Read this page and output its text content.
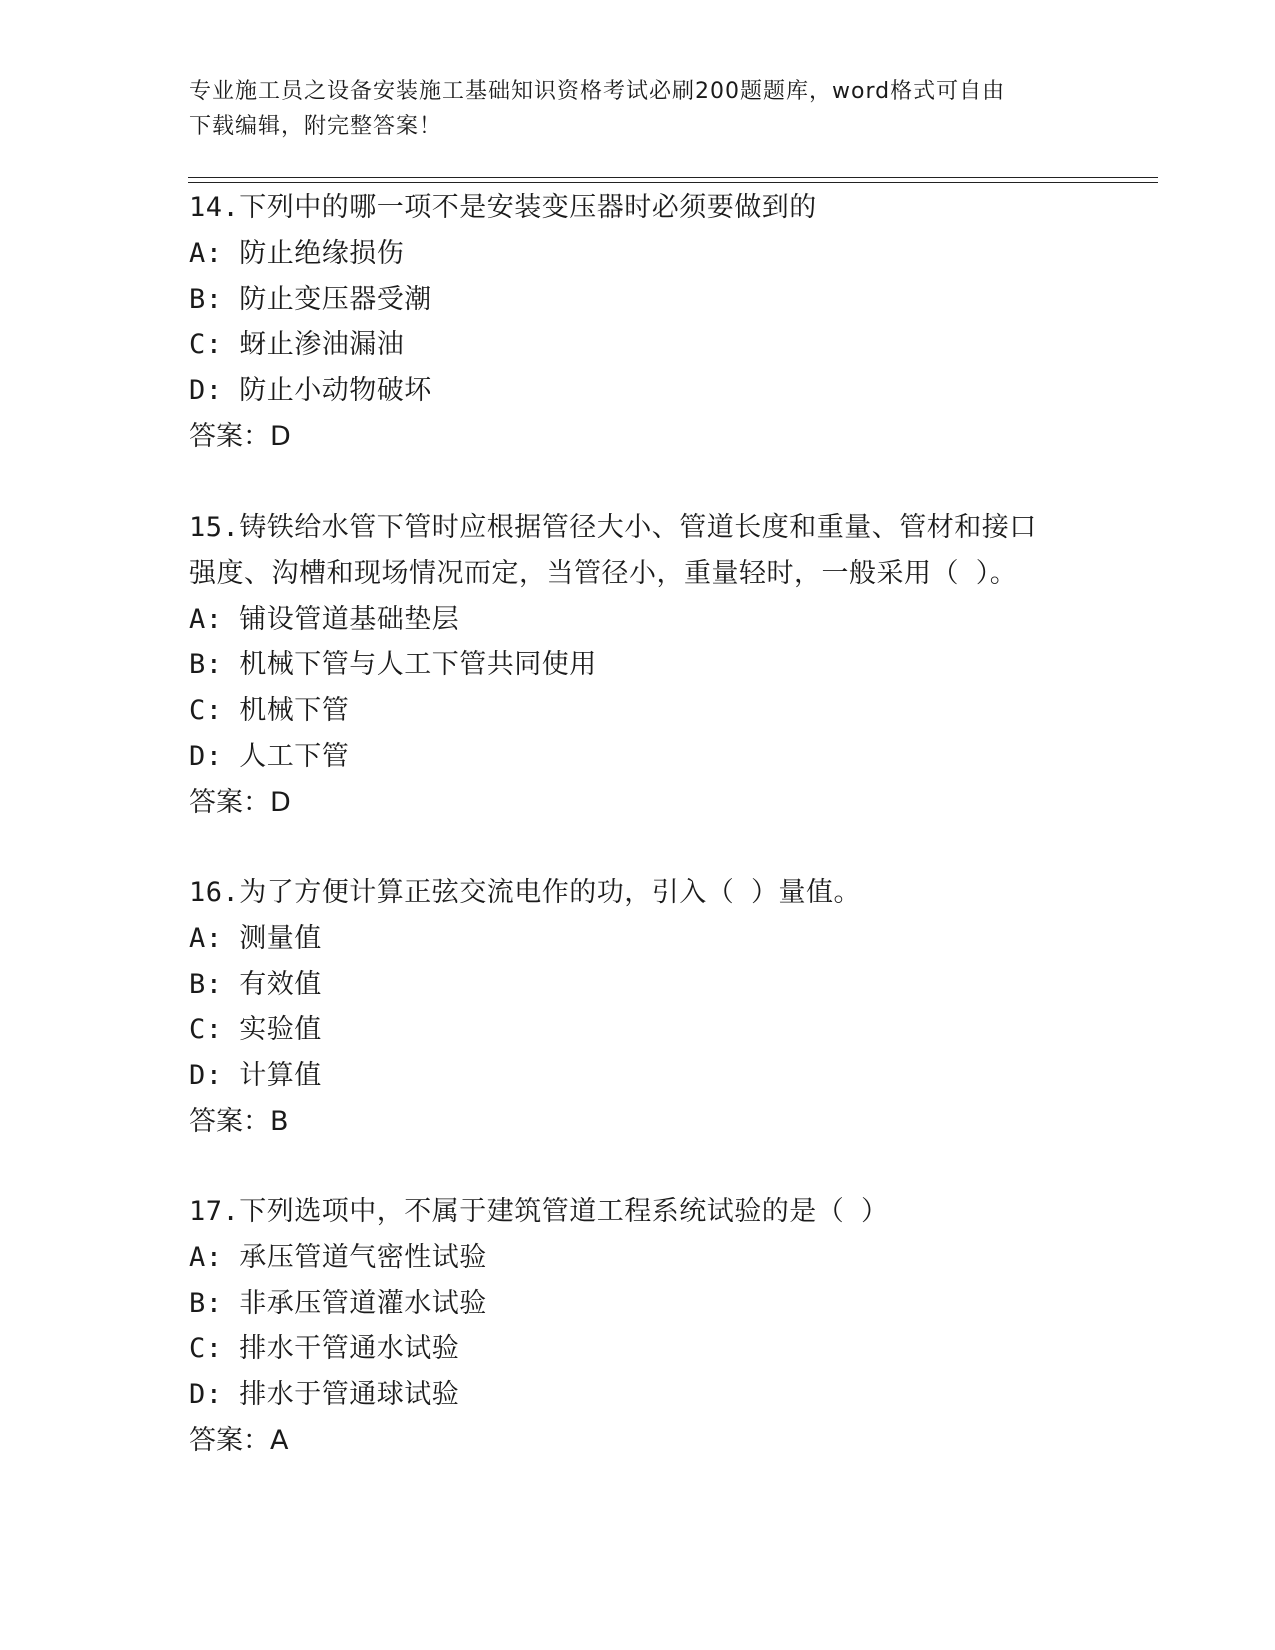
专业施工员之设备安装施工基础知识资格考试必刷200题题库，word格式可自由
下载编辑，附完整答案！
14.下列中的哪一项不是安装变压器时必须要做到的
A: 防止绝缘损伤
B: 防止变压器受潮
C: 蚜止渗油漏油
D: 防止小动物破坏
答案：D
15.铸铁给水管下管时应根据管径大小、管道长度和重量、管材和接口
强度、沟槽和现场情况而定，当管径小，重量轻时，一般采用（ ）。
A: 铺设管道基础垫层
B: 机械下管与人工下管共同使用
C: 机械下管
D: 人工下管
答案：D
16.为了方便计算正弦交流电作的功，引入（ ）量值。
A: 测量值
B: 有效值
C: 实验值
D: 计算值
答案：B
17.下列选项中，不属于建筑管道工程系统试验的是（ ）
A: 承压管道气密性试验
B: 非承压管道灌水试验
C: 排水干管通水试验
D: 排水于管通球试验
答案：A
